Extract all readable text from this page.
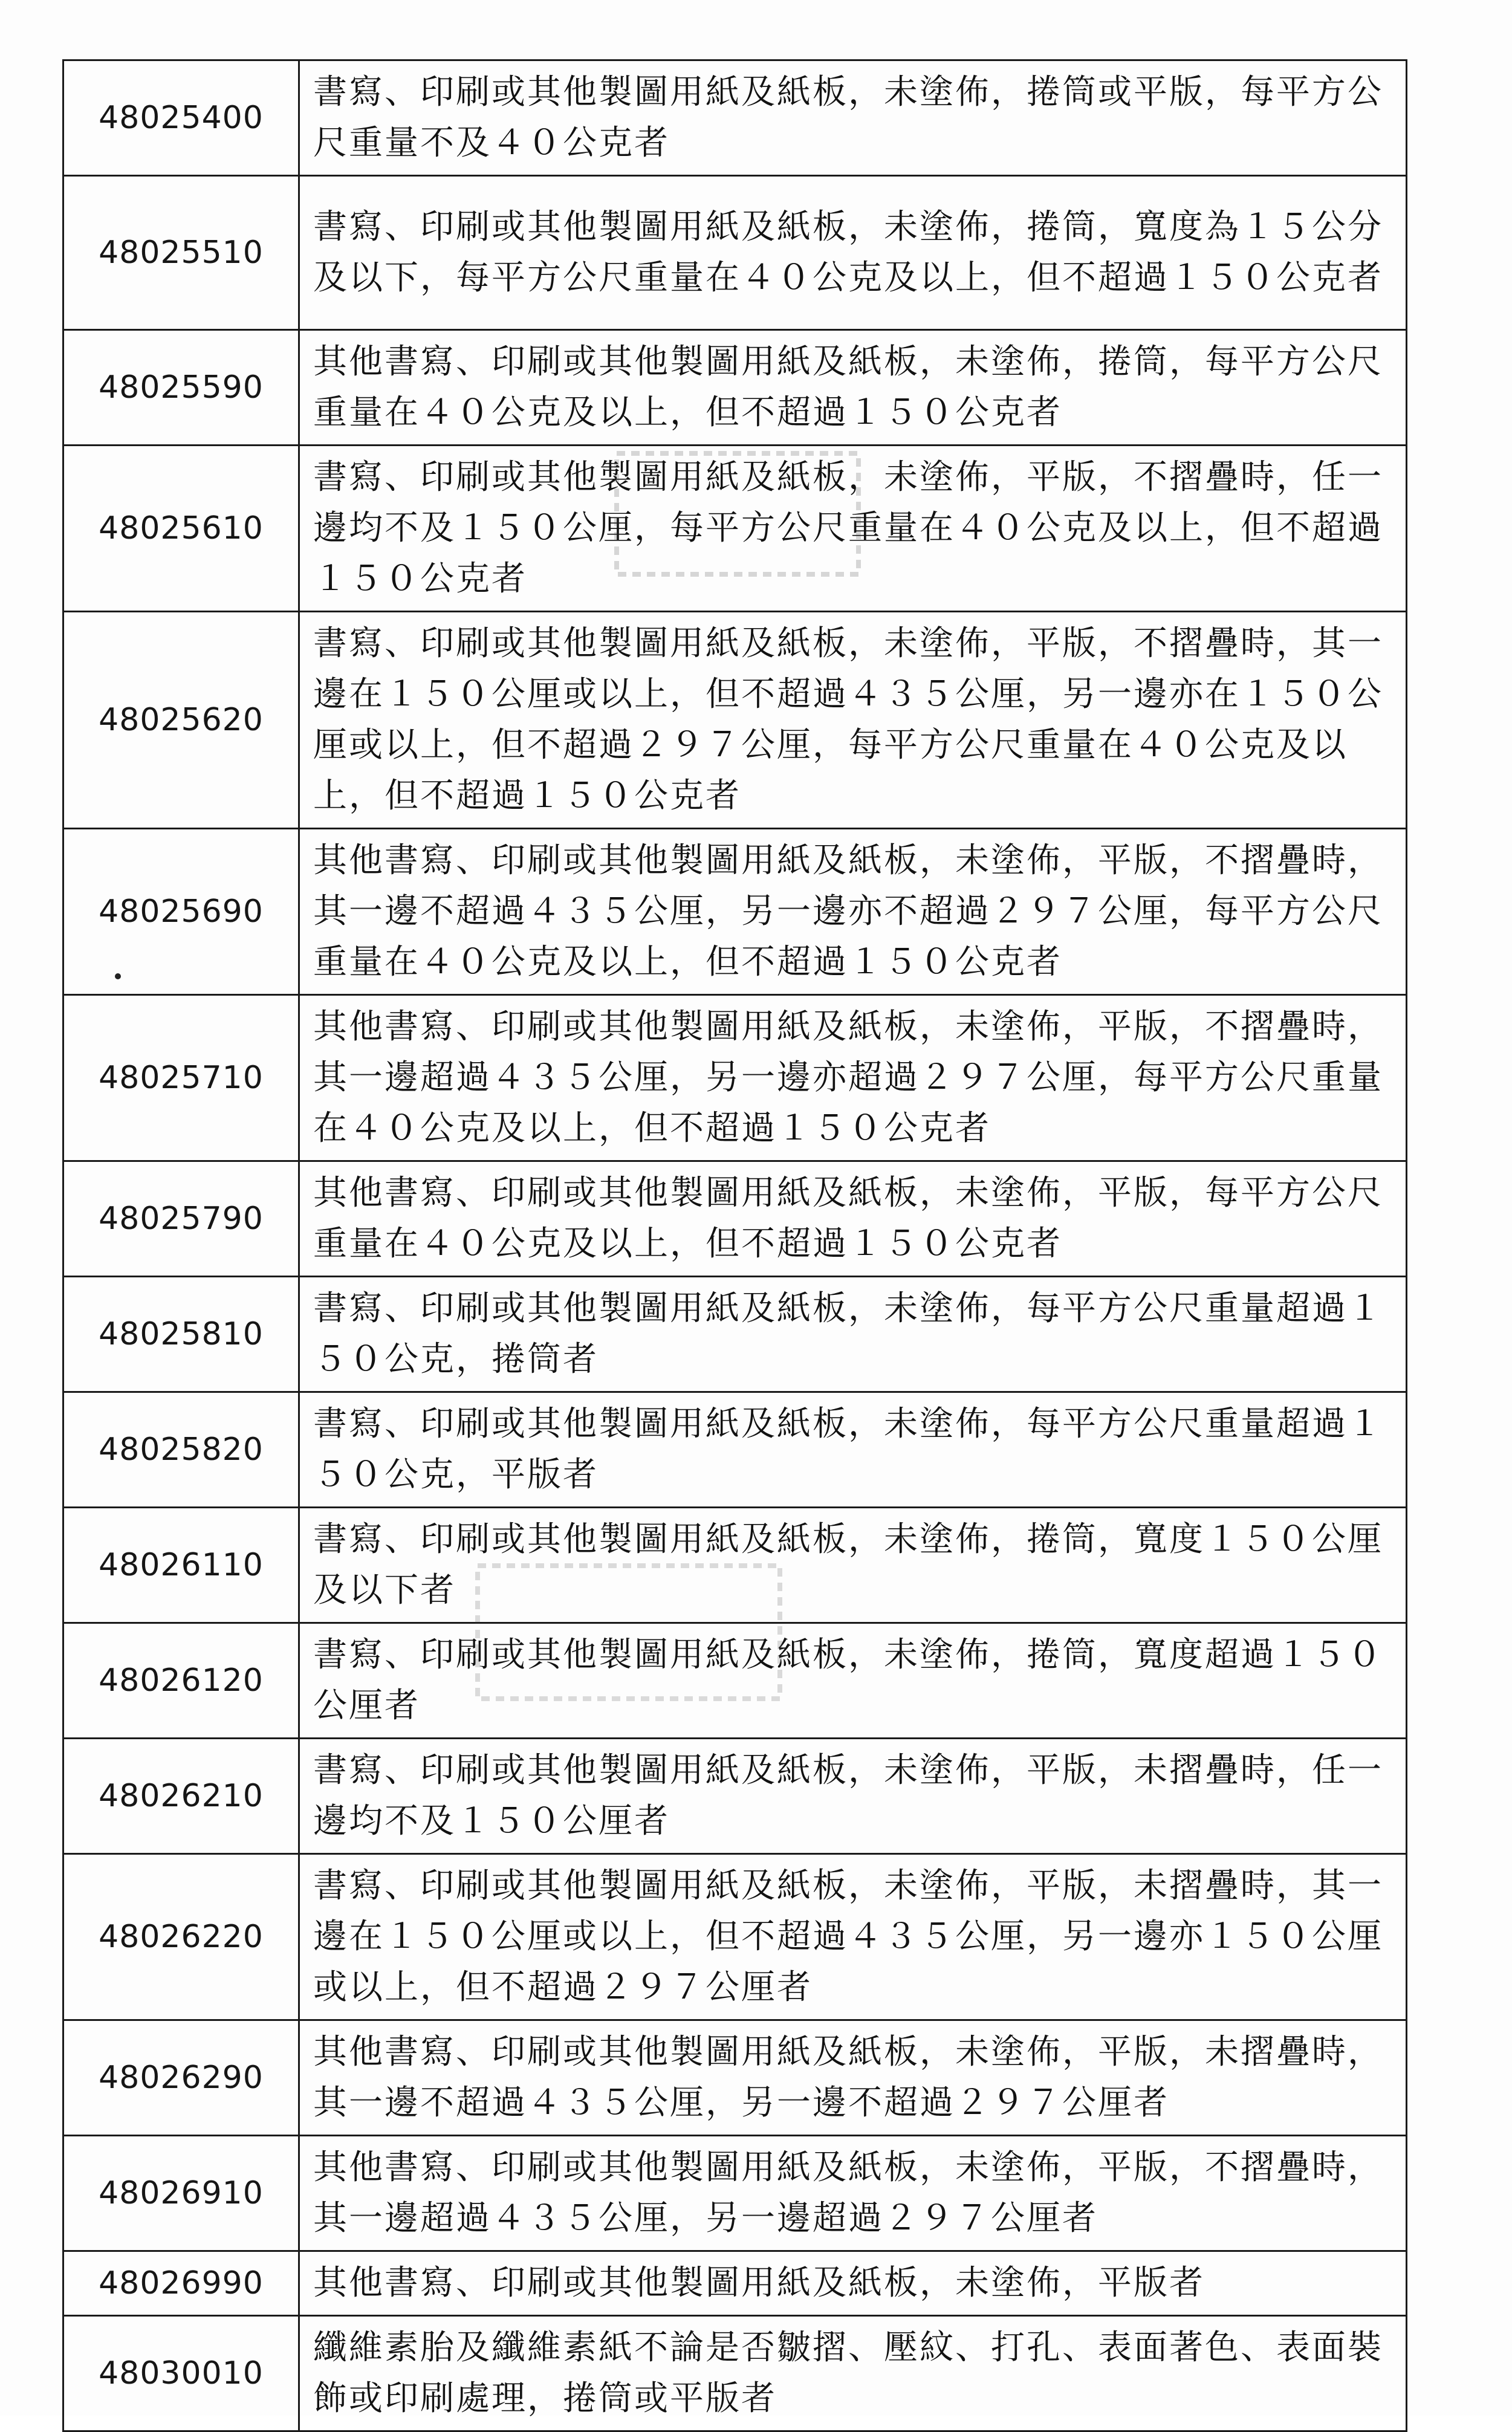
48025400	書寫、印刷或其他製圖用紙及紙板，未塗佈，捲筒或平版，每平方公尺重量不及４０公克者
48025510	書寫、印刷或其他製圖用紙及紙板，未塗佈，捲筒，寬度為１５公分及以下，每平方公尺重量在４０公克及以上，但不超過１５０公克者
48025590	其他書寫、印刷或其他製圖用紙及紙板，未塗佈，捲筒，每平方公尺重量在４０公克及以上，但不超過１５０公克者
48025610	書寫、印刷或其他製圖用紙及紙板，未塗佈，平版，不摺疊時，任一邊均不及１５０公厘，每平方公尺重量在４０公克及以上，但不超過１５０公克者
48025620	書寫、印刷或其他製圖用紙及紙板，未塗佈，平版，不摺疊時，其一邊在１５０公厘或以上，但不超過４３５公厘，另一邊亦在１５０公厘或以上，但不超過２９７公厘，每平方公尺重量在４０公克及以上，但不超過１５０公克者
48025690	其他書寫、印刷或其他製圖用紙及紙板，未塗佈，平版，不摺疊時，其一邊不超過４３５公厘，另一邊亦不超過２９７公厘，每平方公尺重量在４０公克及以上，但不超過１５０公克者
48025710	其他書寫、印刷或其他製圖用紙及紙板，未塗佈，平版，不摺疊時，其一邊超過４３５公厘，另一邊亦超過２９７公厘，每平方公尺重量在４０公克及以上，但不超過１５０公克者
48025790	其他書寫、印刷或其他製圖用紙及紙板，未塗佈，平版，每平方公尺重量在４０公克及以上，但不超過１５０公克者
48025810	書寫、印刷或其他製圖用紙及紙板，未塗佈，每平方公尺重量超過１５０公克，捲筒者
48025820	書寫、印刷或其他製圖用紙及紙板，未塗佈，每平方公尺重量超過１５０公克，平版者
48026110	書寫、印刷或其他製圖用紙及紙板，未塗佈，捲筒，寬度１５０公厘及以下者
48026120	書寫、印刷或其他製圖用紙及紙板，未塗佈，捲筒，寬度超過１５０公厘者
48026210	書寫、印刷或其他製圖用紙及紙板，未塗佈，平版，未摺疊時，任一邊均不及１５０公厘者
48026220	書寫、印刷或其他製圖用紙及紙板，未塗佈，平版，未摺疊時，其一邊在１５０公厘或以上，但不超過４３５公厘，另一邊亦１５０公厘或以上，但不超過２９７公厘者
48026290	其他書寫、印刷或其他製圖用紙及紙板，未塗佈，平版，未摺疊時，其一邊不超過４３５公厘，另一邊不超過２９７公厘者
48026910	其他書寫、印刷或其他製圖用紙及紙板，未塗佈，平版，不摺疊時，其一邊超過４３５公厘，另一邊超過２９７公厘者
48026990	其他書寫、印刷或其他製圖用紙及紙板，未塗佈，平版者
48030010	纖維素胎及纖維素紙不論是否皺摺、壓紋、打孔、表面著色、表面裝飾或印刷處理，捲筒或平版者
